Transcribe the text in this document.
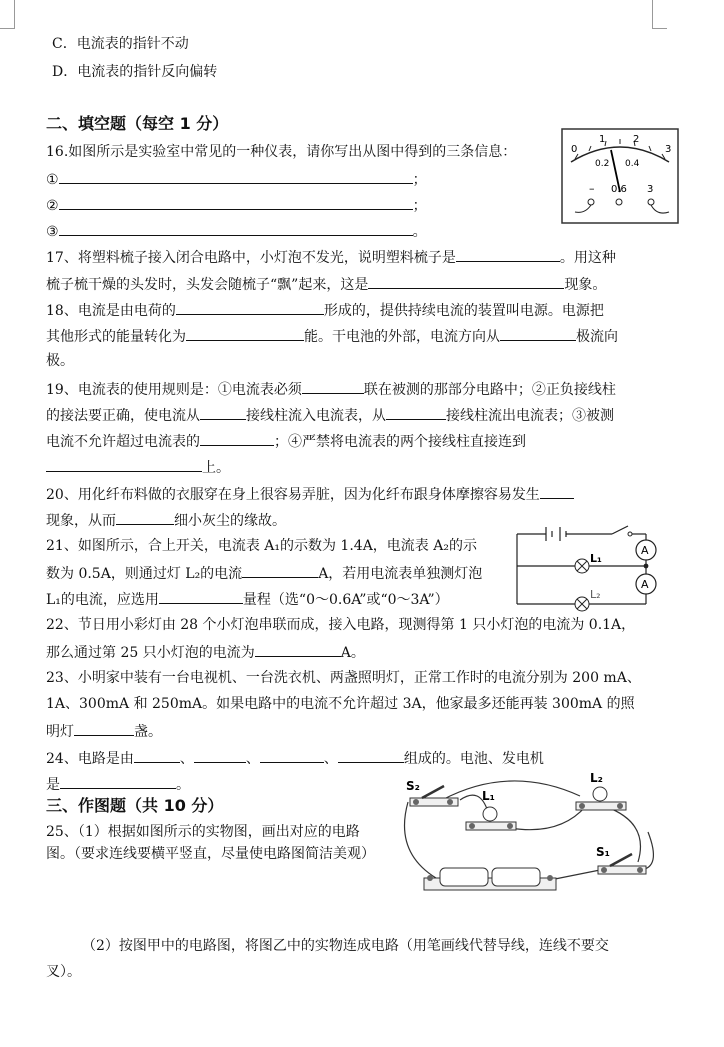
C．电流表的指针不动
D．电流表的指针反向偏转
二、填空题（每空 1 分）
16.如图所示是实验室中常见的一种仪表，请你写出从图中得到的三条信息：
①	；
②	；
③	。
0
1	2
3
0.2 0.4
– 0.6 3
17、将塑料梳子接入闭合电路中，小灯泡不发光，说明塑料梳子是	。用这种
梳子梳干燥的头发时，头发会随梳子“飘”起来，这是	现象。
18、电流是由电荷的	形成的，提供持续电流的装置叫电源。电源把
其他形式的能量转化为	能。干电池的外部，电流方向从	极流向
极。
19、电流表的使用规则是：①电流表必须	联在被测的那部分电路中；②正负接线柱
的接法要正确，使电流从	接线柱流入电流表，从	接线柱流出电流表；③被测
电流不允许超过电流表的	；④严禁将电流表的两个接线柱直接连到
上。
20、用化纤布料做的衣服穿在身上很容易弄脏，因为化纤布跟身体摩擦容易发生
现象，从而	细小灰尘的缘故。
21、如图所示，合上开关，电流表 A₁的示数为 1.4A，电流表 A₂的示
数为 0.5A，则通过灯 L₂的电流	A，若用电流表单独测灯泡
L₁的电流，应选用	量程（选“0～0.6A”或“0～3A”）
A
A
L₁
L₂
22、节日用小彩灯由 28 个小灯泡串联而成，接入电路，现测得第 1 只小灯泡的电流为 0.1A，
那么通过第 25 只小灯泡的电流为	A。
23、小明家中装有一台电视机、一台洗衣机、两盏照明灯，正常工作时的电流分别为 200 mA、
1A、300mA 和 250mA。如果电路中的电流不允许超过 3A，他家最多还能再装 300mA 的照
明灯	盏。
24、电路是由	、	、	、	组成的。电池、发电机
是	。
三、作图题（共 10 分）
25、（1）根据如图所示的实物图，画出对应的电路
图。（要求连线要横平竖直，尽量使电路图简洁美观）
S₂
L₁
L₂
S₁
（2）按图甲中的电路图，将图乙中的实物连成电路（用笔画线代替导线，连线不要交
叉）。
